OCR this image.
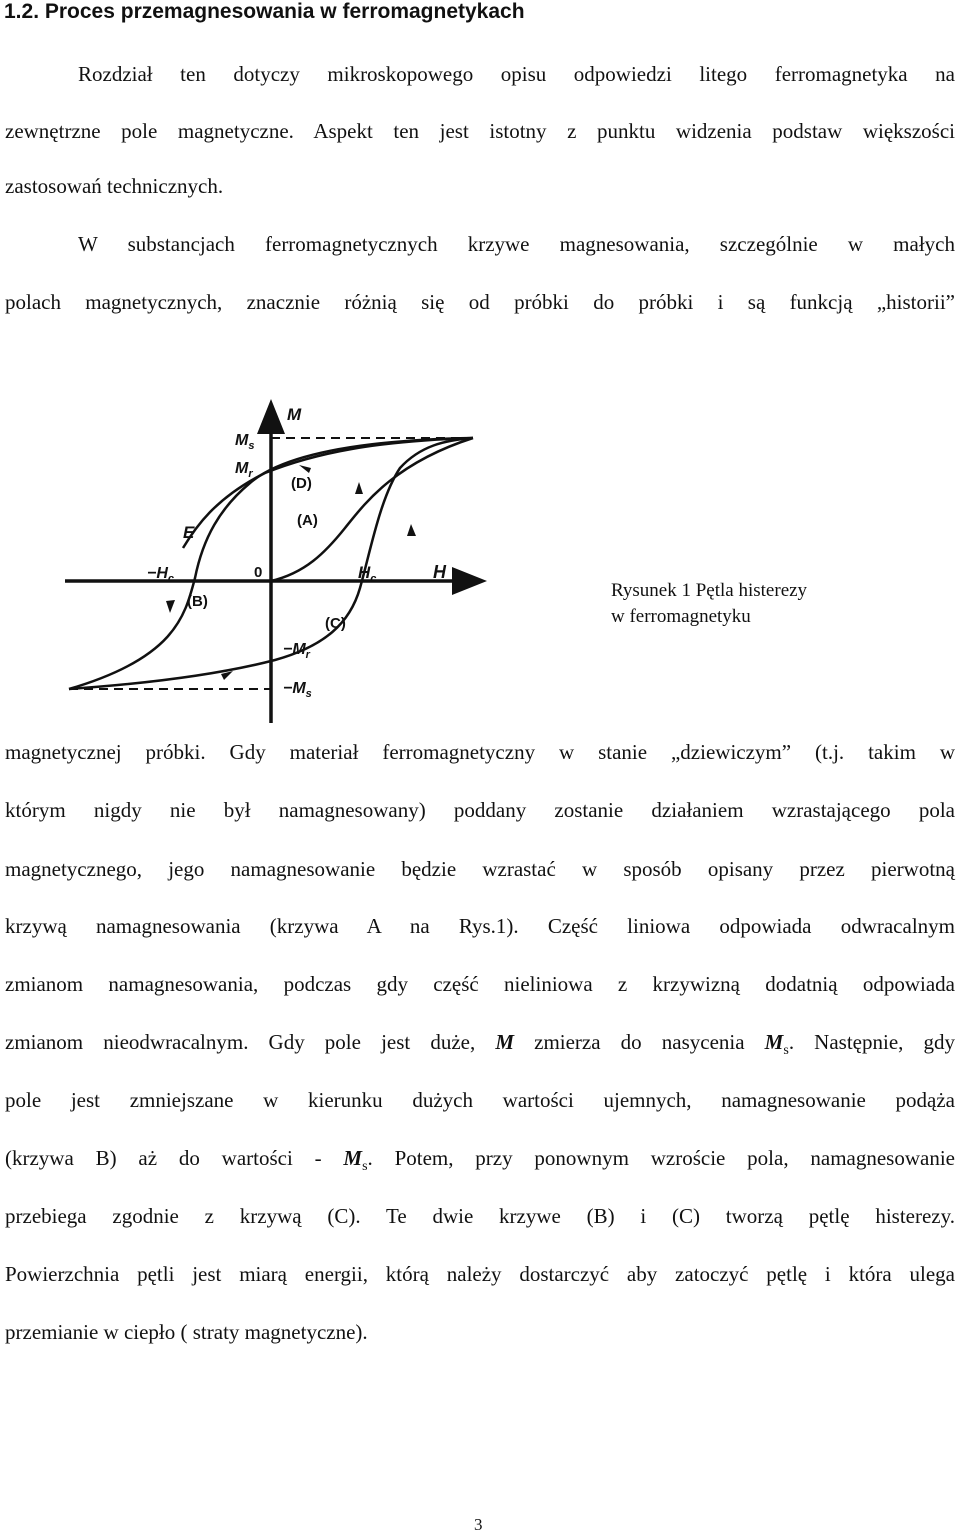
1.2. Proces przemagnesowania w ferromagnetykach
Rozdział ten dotyczy mikroskopowego opisu odpowiedzi litego ferromagnetyka na
zewnętrzne pole magnetyczne. Aspekt ten jest istotny z punktu widzenia podstaw większości
zastosowań technicznych.
W substancjach ferromagnetycznych krzywe magnesowania, szczególnie w małych
polach magnetycznych, znacznie różnią się od próbki do próbki i są funkcją „historii”
M
H
0
$M_s$
$M_r$
E
$-H_c$	$H_c$
$-M_r$
$-M_s$
(D)
(A)
(B)
(C)
Rysunek 1 Pętla histerezy
w ferromagnetyku
magnetycznej próbki. Gdy materiał ferromagnetyczny w stanie „dziewiczym” (t.j. takim w
którym nigdy nie był namagnesowany) poddany zostanie działaniem wzrastającego pola
magnetycznego, jego namagnesowanie będzie wzrastać w sposób opisany przez pierwotną
krzywą namagnesowania (krzywa A na Rys.1). Część liniowa odpowiada odwracalnym
zmianom namagnesowania, podczas gdy część nieliniowa z krzywizną dodatnią odpowiada
zmianom nieodwracalnym. Gdy pole jest duże, M zmierza do nasycenia $M_s$. Następnie, gdy
pole jest zmniejszane w kierunku dużych wartości ujemnych, namagnesowanie podąża
(krzywa B) aż do wartości - $M_s$. Potem, przy ponownym wzroście pola, namagnesowanie
przebiega zgodnie z krzywą (C). Te dwie krzywe (B) i (C) tworzą pętlę histerezy.
Powierzchnia pętli jest miarą energii, którą należy dostarczyć aby zatoczyć pętlę i która ulega
przemianie w ciepło ( straty magnetyczne).
3
